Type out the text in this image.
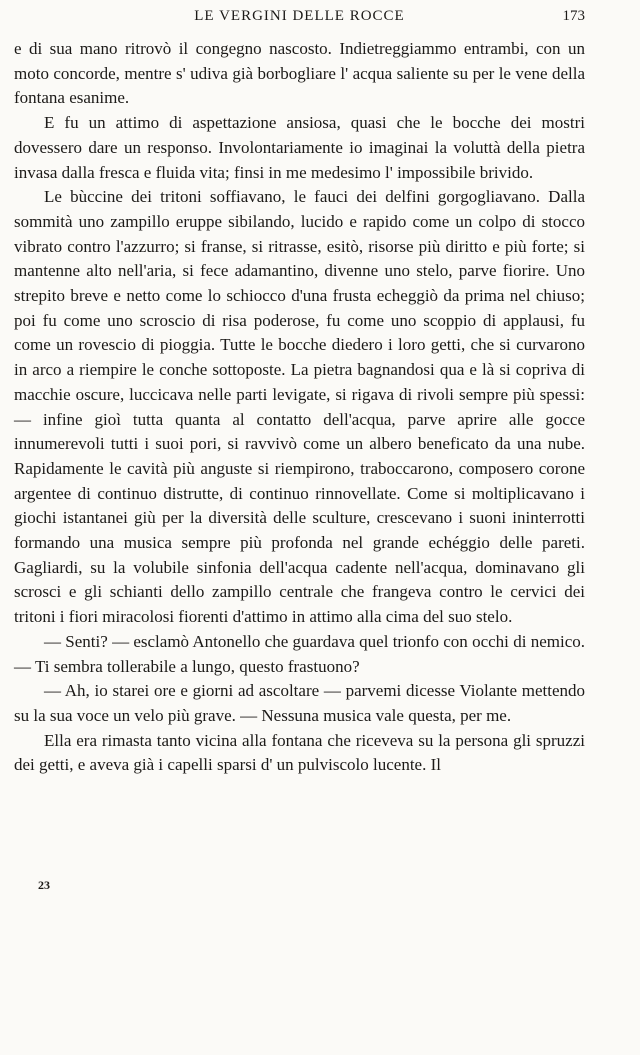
LE VERGINI DELLE ROCCE	173

e di sua mano ritrovò il congegno nascosto. Indietreggiammo entrambi, con un moto concorde, mentre s' udiva già borbogliare l' acqua saliente su per le vene della fontana esanime.

E fu un attimo di aspettazione ansiosa, quasi che le bocche dei mostri dovessero dare un responso. Involontariamente io imaginai la voluttà della pietra invasa dalla fresca e fluida vita; finsi in me medesimo l' impossibile brivido.

Le bùccine dei tritoni soffiavano, le fauci dei delfini gorgogliavano. Dalla sommità uno zampillo eruppe sibilando, lucido e rapido come un colpo di stocco vibrato contro l'azzurro; si franse, si ritrasse, esitò, risorse più diritto e più forte; si mantenne alto nell'aria, si fece adamantino, divenne uno stelo, parve fiorire. Uno strepito breve e netto come lo schiocco d'una frusta echeggiò da prima nel chiuso; poi fu come uno scroscio di risa poderose, fu come uno scoppio di applausi, fu come un rovescio di pioggia. Tutte le bocche diedero i loro getti, che si curvarono in arco a riempire le conche sottoposte. La pietra bagnandosi qua e là si copriva di macchie oscure, luccicava nelle parti levigate, si rigava di rivoli sempre più spessi: — infine gioì tutta quanta al contatto dell'acqua, parve aprire alle gocce innumerevoli tutti i suoi pori, si ravvivò come un albero beneficato da una nube. Rapidamente le cavità più anguste si riempirono, traboccarono, composero corone argentee di continuo distrutte, di continuo rinnovellate. Come si moltiplicavano i giochi istantanei giù per la diversità delle sculture, crescevano i suoni ininterrotti formando una musica sempre più profonda nel grande echéggio delle pareti. Gagliardi, su la volubile sinfonia dell'acqua cadente nell'acqua, dominavano gli scrosci e gli schianti dello zampillo centrale che frangeva contro le cervici dei tritoni i fiori miracolosi fiorenti d'attimo in attimo alla cima del suo stelo.

— Senti? — esclamò Antonello che guardava quel trionfo con occhi di nemico. — Ti sembra tollerabile a lungo, questo frastuono?

— Ah, io starei ore e giorni ad ascoltare — parvemi dicesse Violante mettendo su la sua voce un velo più grave. — Nessuna musica vale questa, per me.

Ella era rimasta tanto vicina alla fontana che riceveva su la persona gli spruzzi dei getti, e aveva già i capelli sparsi d' un pulviscolo lucente. Il

23
